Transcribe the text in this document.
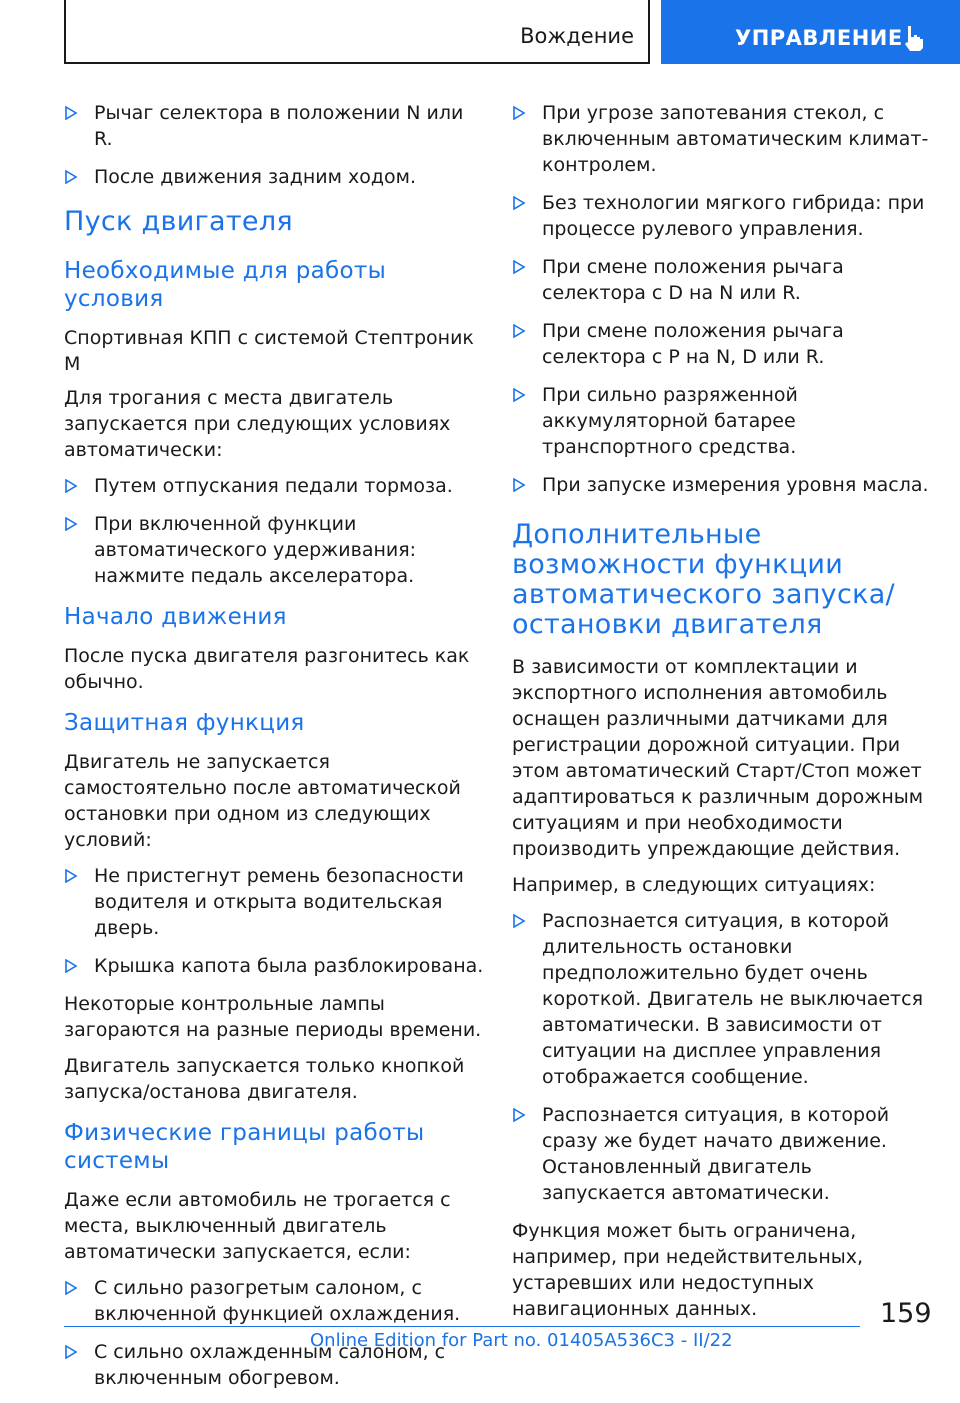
Вождение	УПРАВЛЕНИЕ
Рычаг селектора в положении N или R.
После движения задним ходом.
Пуск двигателя
Необходимые для работы условия
Спортивная КПП с системой Стептроник M
Для трогания с места двигатель запускается при следующих условиях автоматически:
Путем отпускания педали тормоза.
При включенной функции автоматического удерживания: нажмите педаль акселератора.
Начало движения
После пуска двигателя разгонитесь как обычно.
Защитная функция
Двигатель не запускается самостоятельно после автоматической остановки при одном из следующих условий:
Не пристегнут ремень безопасности водителя и открыта водительская дверь.
Крышка капота была разблокирована.
Некоторые контрольные лампы загораются на разные периоды времени.
Двигатель запускается только кнопкой запуска/останова двигателя.
Физические границы работы системы
Даже если автомобиль не трогается с места, выключенный двигатель автоматически запускается, если:
С сильно разогретым салоном, с включенной функцией охлаждения.
С сильно охлажденным салоном, с включенным обогревом.
При угрозе запотевания стекол, с включенным автоматическим климат-контролем.
Без технологии мягкого гибрида: при процессе рулевого управления.
При смене положения рычага селектора с D на N или R.
При смене положения рычага селектора с P на N, D или R.
При сильно разряженной аккумуляторной батарее транспортного средства.
При запуске измерения уровня масла.
Дополнительные возможности функции автоматического запуска/остановки двигателя
В зависимости от комплектации и экспортного исполнения автомобиль оснащен различными датчиками для регистрации дорожной ситуации. При этом автоматический Старт/Стоп может адаптироваться к различным дорожным ситуациям и при необходимости производить упреждающие действия.
Например, в следующих ситуациях:
Распознается ситуация, в которой длительность остановки предположительно будет очень короткой. Двигатель не выключается автоматически. В зависимости от ситуации на дисплее управления отображается сообщение.
Распознается ситуация, в которой сразу же будет начато движение. Остановленный двигатель запускается автоматически.
Функция может быть ограничена, например, при недействительных, устаревших или недоступных навигационных данных.	159
Online Edition for Part no. 01405A536C3 - II/22
